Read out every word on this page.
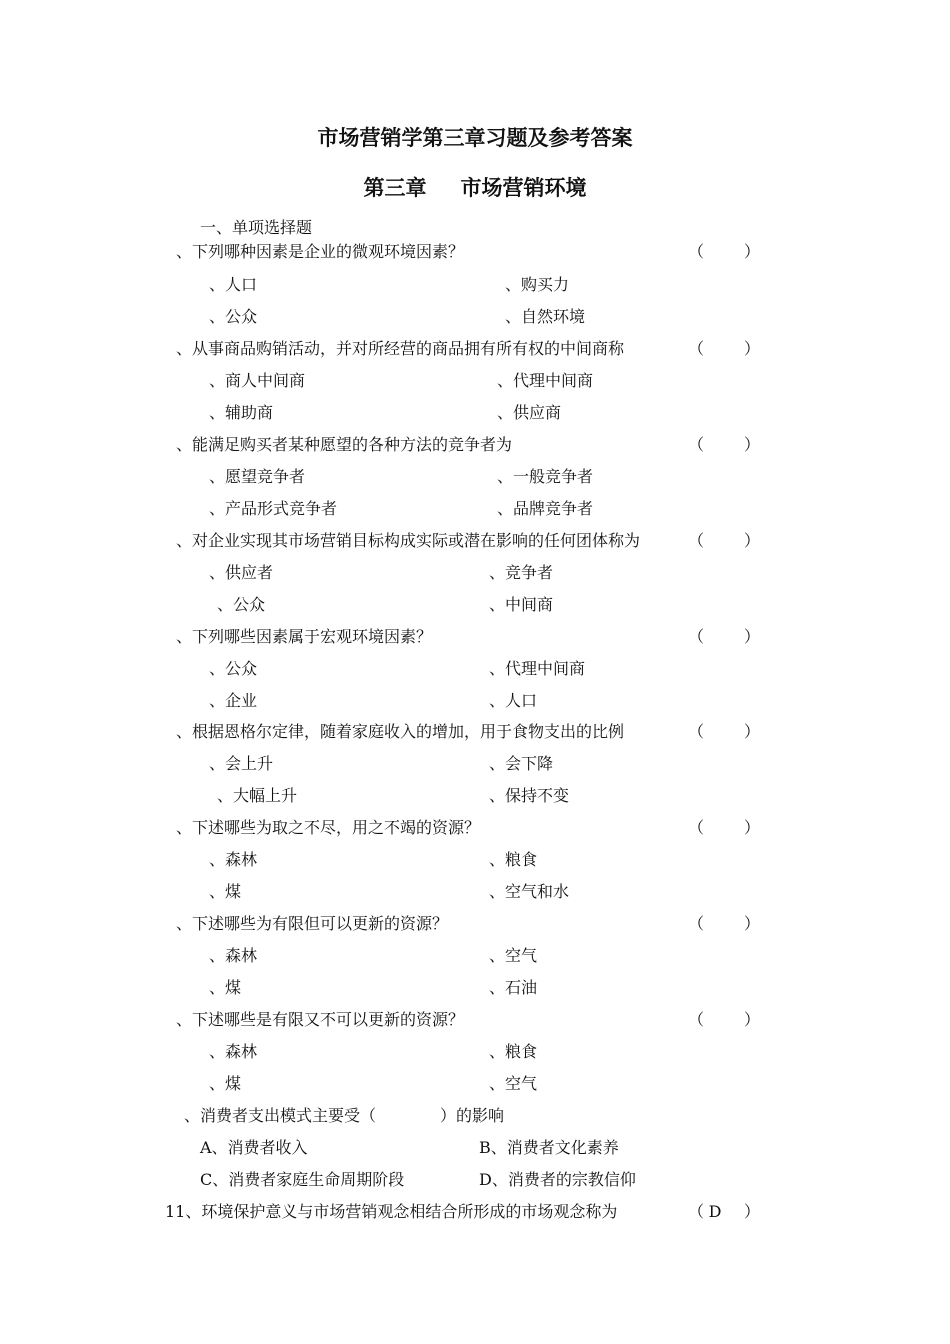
市场营销学第三章习题及参考答案
第三章 市场营销环境
一、单项选择题
、下列哪种因素是企业的微观环境因素？	（ ）
、人口	、购买力
、公众	、自然环境
、从事商品购销活动，并对所经营的商品拥有所有权的中间商称	（ ）
、商人中间商	、代理中间商
、辅助商	、供应商
、能满足购买者某种愿望的各种方法的竞争者为	（ ）
、愿望竞争者	、一般竞争者
、产品形式竞争者	、品牌竞争者
、对企业实现其市场营销目标构成实际或潜在影响的任何团体称为	（ ）
、供应者	、竞争者
、公众	、中间商
、下列哪些因素属于宏观环境因素？	（ ）
、公众	、代理中间商
、企业	、人口
、根据恩格尔定律，随着家庭收入的增加，用于食物支出的比例	（ ）
、会上升	、会下降
、大幅上升	、保持不变
、下述哪些为取之不尽，用之不竭的资源？	（ ）
、森林	、粮食
、煤	、空气和水
、下述哪些为有限但可以更新的资源？	（ ）
、森林	、空气
、煤	、石油
、下述哪些是有限又不可以更新的资源？	（ ）
、森林	、粮食
、煤	、空气
、消费者支出模式主要受（　　　　）的影响
A、消费者收入	B、消费者文化素养
C、消费者家庭生命周期阶段	D、消费者的宗教信仰
11、环境保护意义与市场营销观念相结合所形成的市场观念称为	（ D ）
